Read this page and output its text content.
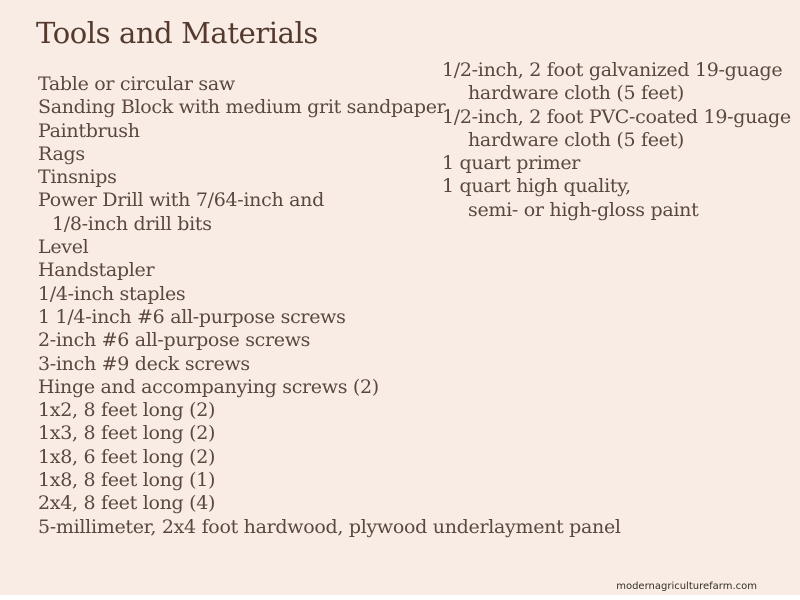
Tools and Materials
Table or circular saw
Sanding Block with medium grit sandpaper
Paintbrush
Rags
Tinsnips
Power Drill with 7/64-inch and
1/8-inch drill bits
Level
Handstapler
1/4-inch staples
1 1/4-inch #6 all-purpose screws
2-inch #6 all-purpose screws
3-inch #9 deck screws
Hinge and accompanying screws (2)
1x2, 8 feet long (2)
1x3, 8 feet long (2)
1x8, 6 feet long (2)
1x8, 8 feet long (1)
2x4, 8 feet long (4)
5-millimeter, 2x4 foot hardwood, plywood underlayment panel
1/2-inch, 2 foot galvanized 19-guage
hardware cloth (5 feet)
1/2-inch, 2 foot PVC-coated 19-guage
hardware cloth (5 feet)
1 quart primer
1 quart high quality,
semi- or high-gloss paint
modernagriculturefarm.com
